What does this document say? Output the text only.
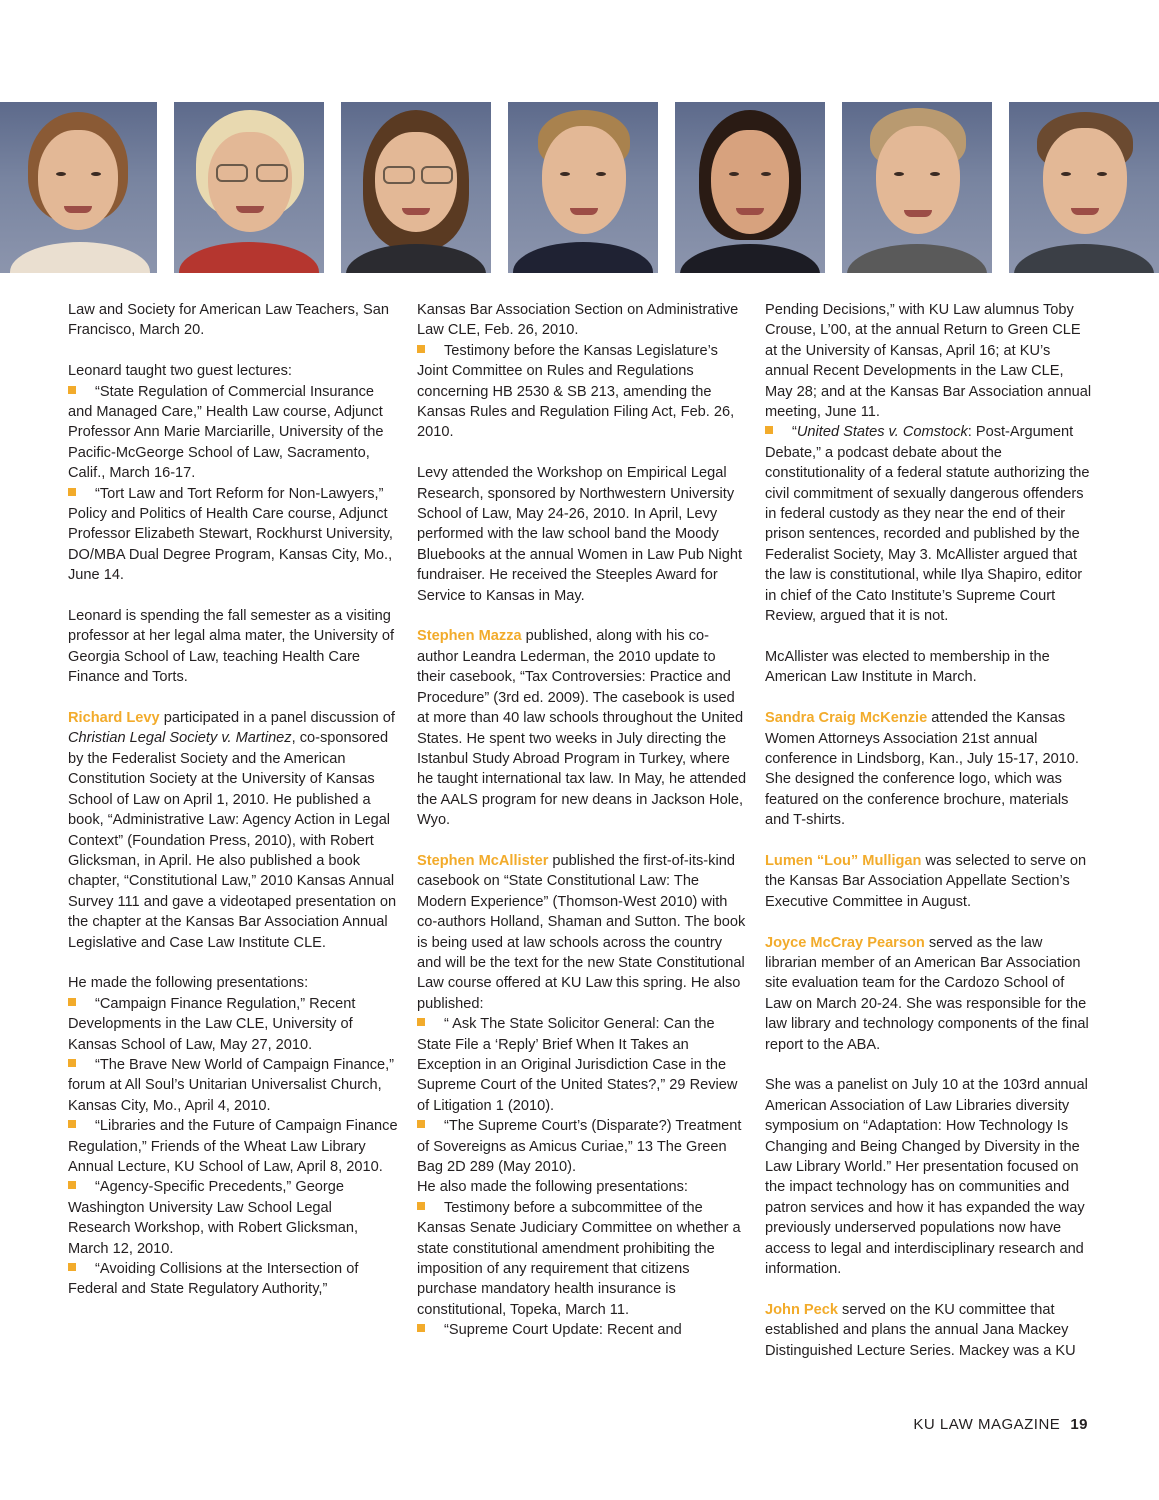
Law and Society for American Law Teachers, San Francisco, March 20.

Leonard taught two guest lectures:

“State Regulation of Commercial Insurance and Managed Care,” Health Law course, Adjunct Professor Ann Marie Marciarille, University of the Pacific-McGeorge School of Law, Sacramento, Calif., March 16-17.

“Tort Law and Tort Reform for Non-Lawyers,” Policy and Politics of Health Care course, Adjunct Professor Elizabeth Stewart, Rockhurst University, DO/MBA Dual Degree Program, Kansas City, Mo., June 14.

Leonard is spending the fall semester as a visiting professor at her legal alma mater, the University of Georgia School of Law, teaching Health Care Finance and Torts.

Richard Levy participated in a panel discussion of Christian Legal Society v. Martinez, co-sponsored by the Federalist Society and the American Constitution Society at the University of Kansas School of Law on April 1, 2010. He published a book, “Administrative Law: Agency Action in Legal Context” (Foundation Press, 2010), with Robert Glicksman, in April. He also published a book chapter, “Constitutional Law,” 2010 Kansas Annual Survey 111 and gave a videotaped presentation on the chapter at the Kansas Bar Association Annual Legislative and Case Law Institute CLE.

He made the following presentations:

“Campaign Finance Regulation,” Recent Developments in the Law CLE, University of Kansas School of Law, May 27, 2010.

“The Brave New World of Campaign Finance,” forum at All Soul’s Unitarian Universalist Church, Kansas City, Mo., April 4, 2010.

“Libraries and the Future of Campaign Finance Regulation,” Friends of the Wheat Law Library Annual Lecture, KU School of Law, April 8, 2010.

“Agency-Specific Precedents,” George Washington University Law School Legal Research Workshop, with Robert Glicksman, March 12, 2010.

“Avoiding Collisions at the Intersection of Federal and State Regulatory Authority,”

Kansas Bar Association Section on Administrative Law CLE, Feb. 26, 2010.

Testimony before the Kansas Legislature’s Joint Committee on Rules and Regulations concerning HB 2530 & SB 213, amending the Kansas Rules and Regulation Filing Act, Feb. 26, 2010.

Levy attended the Workshop on Empirical Legal Research, sponsored by Northwestern University School of Law, May 24-26, 2010. In April, Levy performed with the law school band the Moody Bluebooks at the annual Women in Law Pub Night fundraiser. He received the Steeples Award for Service to Kansas in May.

Stephen Mazza published, along with his co-author Leandra Lederman, the 2010 update to their casebook, “Tax Controversies: Practice and Procedure” (3rd ed. 2009). The casebook is used at more than 40 law schools throughout the United States. He spent two weeks in July directing the Istanbul Study Abroad Program in Turkey, where he taught international tax law. In May, he attended the AALS program for new deans in Jackson Hole, Wyo.

Stephen McAllister published the first-of-its-kind casebook on “State Constitutional Law: The Modern Experience” (Thomson-West 2010) with co-authors Holland, Shaman and Sutton. The book is being used at law schools across the country and will be the text for the new State Constitutional Law course offered at KU Law this spring. He also published:

“ Ask The State Solicitor General: Can the State File a ‘Reply’ Brief When It Takes an Exception in an Original Jurisdiction Case in the Supreme Court of the United States?,” 29 Review of Litigation 1 (2010).

“The Supreme Court’s (Disparate?) Treatment of Sovereigns as Amicus Curiae,” 13 The Green Bag 2D 289 (May 2010).

He also made the following presentations:

Testimony before a subcommittee of the Kansas Senate Judiciary Committee on whether a state constitutional amendment prohibiting the imposition of any requirement that citizens purchase mandatory health insurance is constitutional, Topeka, March 11.

“Supreme Court Update: Recent and

Pending Decisions,” with KU Law alumnus Toby Crouse, L’00, at the annual Return to Green CLE at the University of Kansas, April 16; at KU’s annual Recent Developments in the Law CLE, May 28; and at the Kansas Bar Association annual meeting, June 11.

“United States v. Comstock: Post-Argument Debate,” a podcast debate about the constitutionality of a federal statute authorizing the civil commitment of sexually dangerous offenders in federal custody as they near the end of their prison sentences, recorded and published by the Federalist Society, May 3. McAllister argued that the law is constitutional, while Ilya Shapiro, editor in chief of the Cato Institute’s Supreme Court Review, argued that it is not.

McAllister was elected to membership in the American Law Institute in March.

Sandra Craig McKenzie attended the Kansas Women Attorneys Association 21st annual conference in Lindsborg, Kan., July 15-17, 2010. She designed the conference logo, which was featured on the conference brochure, materials and T-shirts.

Lumen “Lou” Mulligan was selected to serve on the Kansas Bar Association Appellate Section’s Executive Committee in August.

Joyce McCray Pearson served as the law librarian member of an American Bar Association site evaluation team for the Cardozo School of Law on March 20-24. She was responsible for the law library and technology components of the final report to the ABA.

She was a panelist on July 10 at the 103rd annual American Association of Law Libraries diversity symposium on “Adaptation: How Technology Is Changing and Being Changed by Diversity in the Law Library World.” Her presentation focused on the impact technology has on communities and patron services and how it has expanded the way previously underserved populations now have access to legal and interdisciplinary research and information.

John Peck served on the KU committee that established and plans the annual Jana Mackey Distinguished Lecture Series. Mackey was a KU

KU LAW MAGAZINE 19
